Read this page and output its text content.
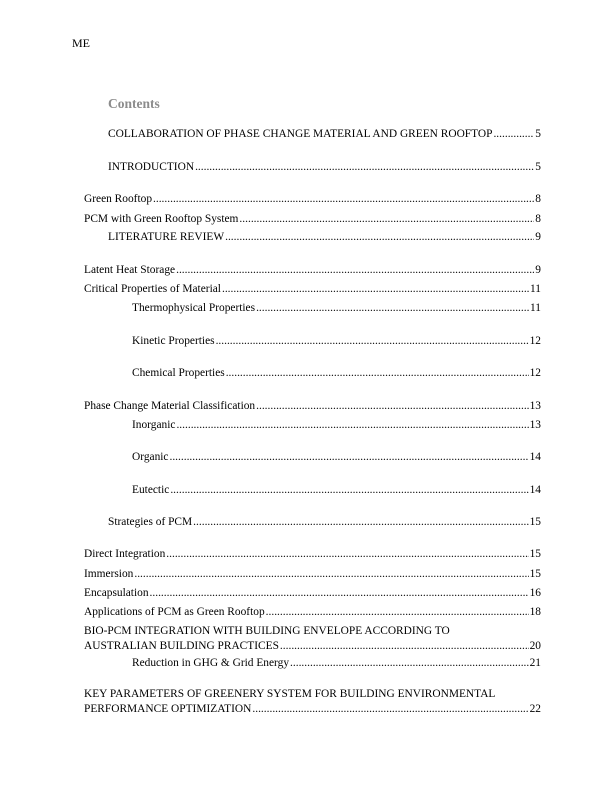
ME
Contents
COLLABORATION OF PHASE CHANGE MATERIAL AND GREEN ROOFTOP .....	5
INTRODUCTION .....	5
Green Rooftop .....	8
PCM with Green Rooftop System .....	8
LITERATURE REVIEW .....	9
Latent Heat Storage .....	9
Critical Properties of Material .....	11
Thermophysical Properties .....	11
Kinetic Properties .....	12
Chemical Properties .....	12
Phase Change Material Classification .....	13
Inorganic .....	13
Organic .....	14
Eutectic .....	14
Strategies of PCM .....	15
Direct Integration .....	15
Immersion .....	15
Encapsulation .....	16
Applications of PCM as Green Rooftop .....	18
BIO-PCM INTEGRATION WITH BUILDING ENVELOPE ACCORDING TO
AUSTRALIAN BUILDING PRACTICES .....	20
Reduction in GHG & Grid Energy .....	21
KEY PARAMETERS OF GREENERY SYSTEM FOR BUILDING ENVIRONMENTAL
PERFORMANCE OPTIMIZATION .....	22
